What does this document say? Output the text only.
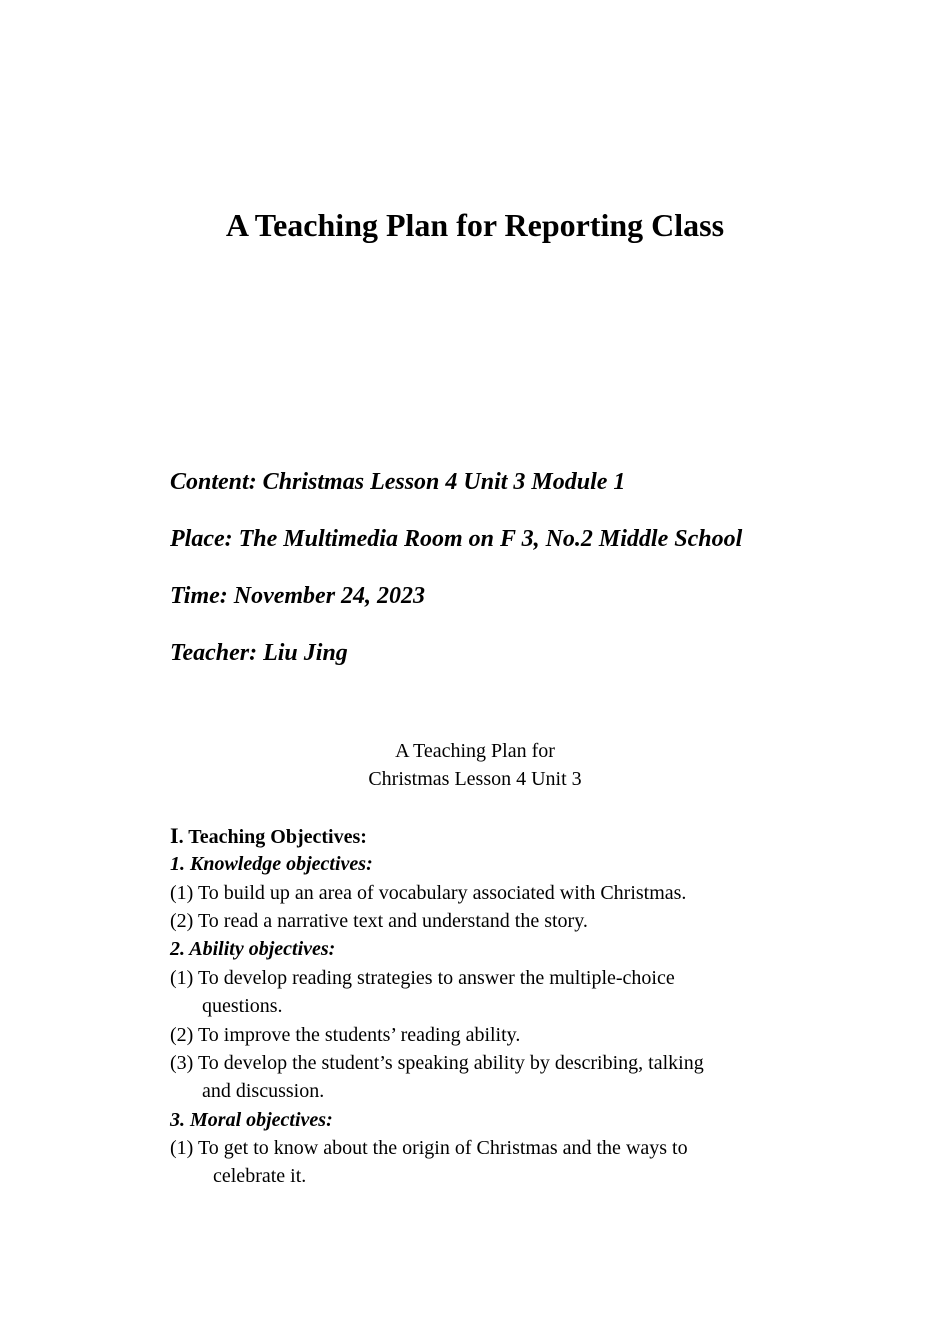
A Teaching Plan for Reporting Class

Content: Christmas Lesson 4 Unit 3 Module 1

Place: The Multimedia Room on F 3, No.2 Middle School

Time: November 24, 2023

Teacher: Liu Jing

A Teaching Plan for

Christmas Lesson 4 Unit 3

I. Teaching Objectives:

1. Knowledge objectives:

(1) To build up an area of vocabulary associated with Christmas.

(2) To read a narrative text and understand the story.

2. Ability objectives:

(1) To develop reading strategies to answer the multiple-choice

questions.

(2) To improve the students’ reading ability.

(3) To develop the student’s speaking ability by describing, talking

and discussion.

3. Moral objectives:

(1) To get to know about the origin of Christmas and the ways to

celebrate it.
